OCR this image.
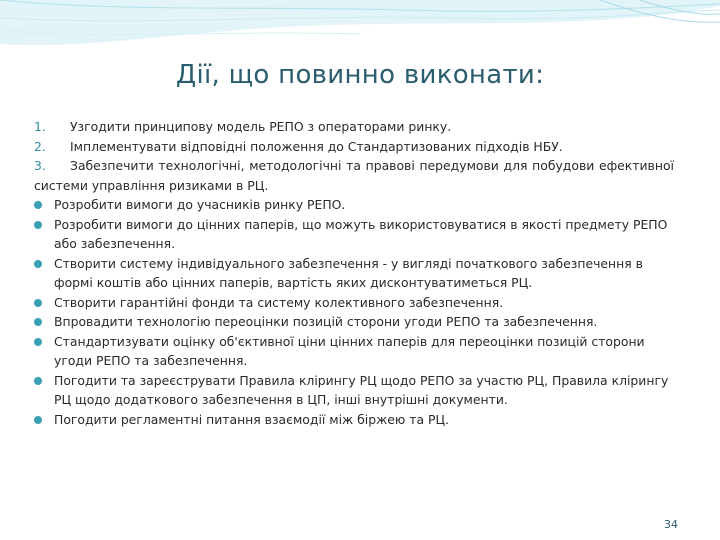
Дії, що повинно виконати:
1.	Узгодити принципову модель РЕПО з операторами ринку.
2.	Імплементувати відповідні положення до Стандартизованих підходів НБУ.
3. Забезпечити технологічні, методологічні та правові передумови для побудови ефективної системи управління ризиками в РЦ.
Розробити вимоги до учасників ринку РЕПО.
Розробити вимоги до цінних паперів, що можуть використовуватися в якості предмету РЕПО або забезпечення.
Створити систему індивідуального забезпечення - у вигляді початкового забезпечення в формі коштів або цінних паперів, вартість яких дисконтуватиметься РЦ.
Створити гарантійні фонди та систему колективного забезпечення.
Впровадити технологію переоцінки позицій сторони угоди РЕПО та забезпечення.
Стандартизувати оцінку об'єктивної ціни цінних паперів для переоцінки позицій сторони угоди РЕПО та забезпечення.
Погодити та зареєструвати Правила клірингу РЦ щодо РЕПО за участю РЦ, Правила клірингу РЦ щодо додаткового забезпечення в ЦП, інші внутрішні документи.
Погодити регламентні питання взаємодії між біржею та РЦ.
34
